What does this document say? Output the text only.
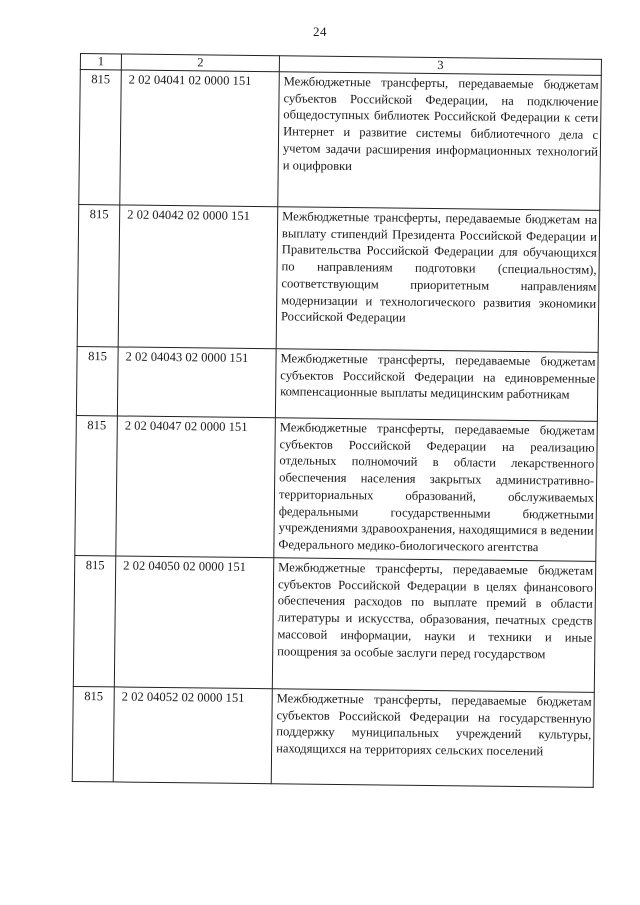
24
1	2	3
815	2 02 04041 02 0000 151	Межбюджетные трансферты, передаваемые бюджетам субъектов Российской Федерации, на подключение общедоступных библиотек Российской Федерации к сети Интернет и развитие системы библиотечного дела с учетом задачи расширения информационных технологий и оцифровки
815	2 02 04042 02 0000 151	Межбюджетные трансферты, передаваемые бюджетам на выплату стипендий Президента Российской Федерации и Правительства Российской Федерации для обучающихся по направлениям подготовки (специальностям), соответствующим приоритетным направлениям модернизации и технологического развития экономики Российской Федерации
815	2 02 04043 02 0000 151	Межбюджетные трансферты, передаваемые бюджетам субъектов Российской Федерации на единовременные компенсационные выплаты медицинским работникам
815	2 02 04047 02 0000 151	Межбюджетные трансферты, передаваемые бюджетам субъектов Российской Федерации на реализацию отдельных полномочий в области лекарственного обеспечения населения закрытых административно-территориальных образований, обслуживаемых федеральными государственными бюджетными учреждениями здравоохранения, находящимися в ведении Федерального медико-биологического агентства
815	2 02 04050 02 0000 151	Межбюджетные трансферты, передаваемые бюджетам субъектов Российской Федерации в целях финансового обеспечения расходов по выплате премий в области литературы и искусства, образования, печатных средств массовой информации, науки и техники и иные поощрения за особые заслуги перед государством
815	2 02 04052 02 0000 151	Межбюджетные трансферты, передаваемые бюджетам субъектов Российской Федерации на государственную поддержку муниципальных учреждений культуры, находящихся на территориях сельских поселений
